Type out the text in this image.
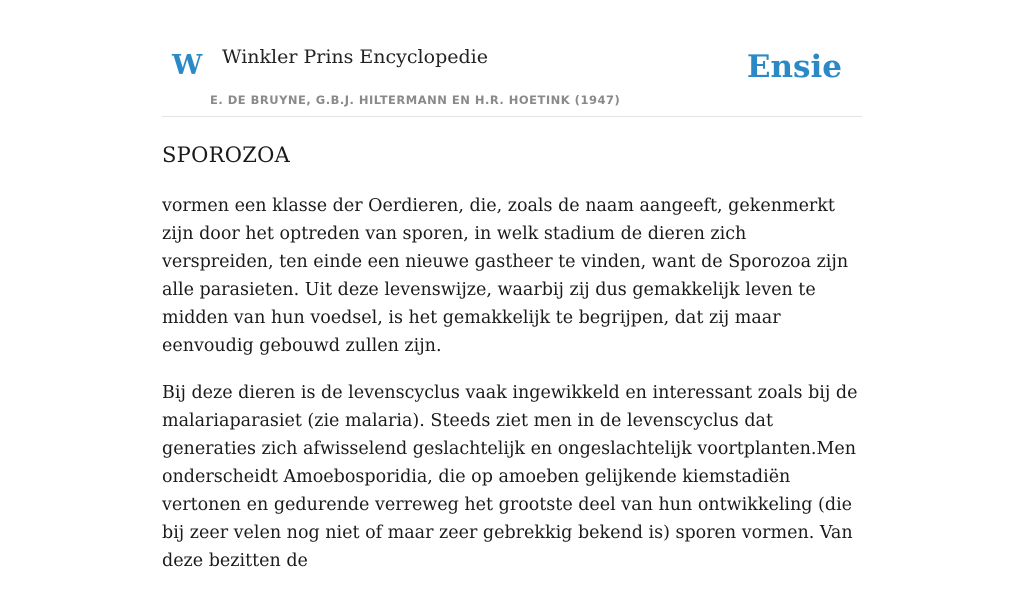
W Winkler Prins Encyclopedie
E. DE BRUYNE, G.B.J. HILTERMANN EN H.R. HOETINK (1947)
Ensie
SPOROZOA

vormen een klasse der Oerdieren, die, zoals de naam aangeeft, gekenmerkt zijn door het optreden van sporen, in welk stadium de dieren zich verspreiden, ten einde een nieuwe gastheer te vinden, want de Sporozoa zijn alle parasieten. Uit deze levenswijze, waarbij zij dus gemakkelijk leven te midden van hun voedsel, is het gemakkelijk te begrijpen, dat zij maar eenvoudig gebouwd zullen zijn.

Bij deze dieren is de levenscyclus vaak ingewikkeld en interessant zoals bij de malariaparasiet (zie malaria). Steeds ziet men in de levenscyclus dat generaties zich afwisselend geslachtelijk en ongeslachtelijk voortplanten.Men onderscheidt Amoebosporidia, die op amoeben gelijkende kiemstadiën vertonen en gedurende verreweg het grootste deel van hun ontwikkeling (die bij zeer velen nog niet of maar zeer gebrekkig bekend is) sporen vormen. Van deze bezitten de
